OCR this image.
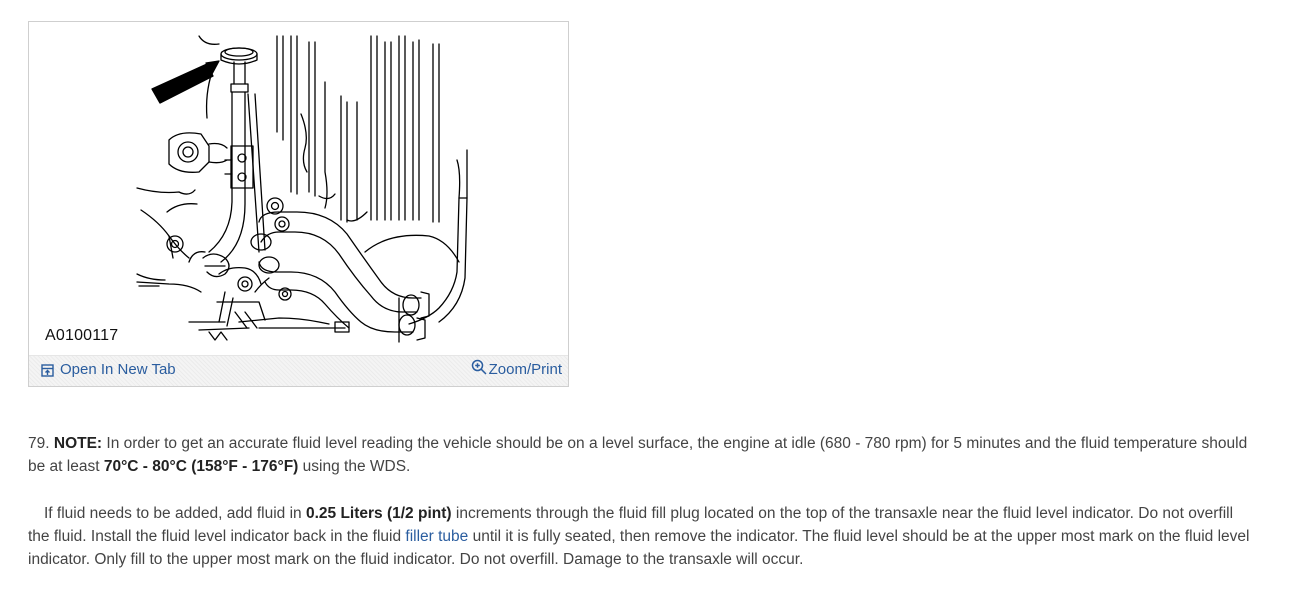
A0100117
Open In New Tab	Zoom/Print
79. NOTE: In order to get an accurate fluid level reading the vehicle should be on a level surface, the engine at idle (680 - 780 rpm) for 5 minutes and the fluid temperature should be at least 70°C - 80°C (158°F - 176°F) using the WDS.
If fluid needs to be added, add fluid in 0.25 Liters (1/2 pint) increments through the fluid fill plug located on the top of the transaxle near the fluid level indicator. Do not overfill the fluid. Install the fluid level indicator back in the fluid filler tube until it is fully seated, then remove the indicator. The fluid level should be at the upper most mark on the fluid level indicator. Only fill to the upper most mark on the fluid indicator. Do not overfill. Damage to the transaxle will occur.
